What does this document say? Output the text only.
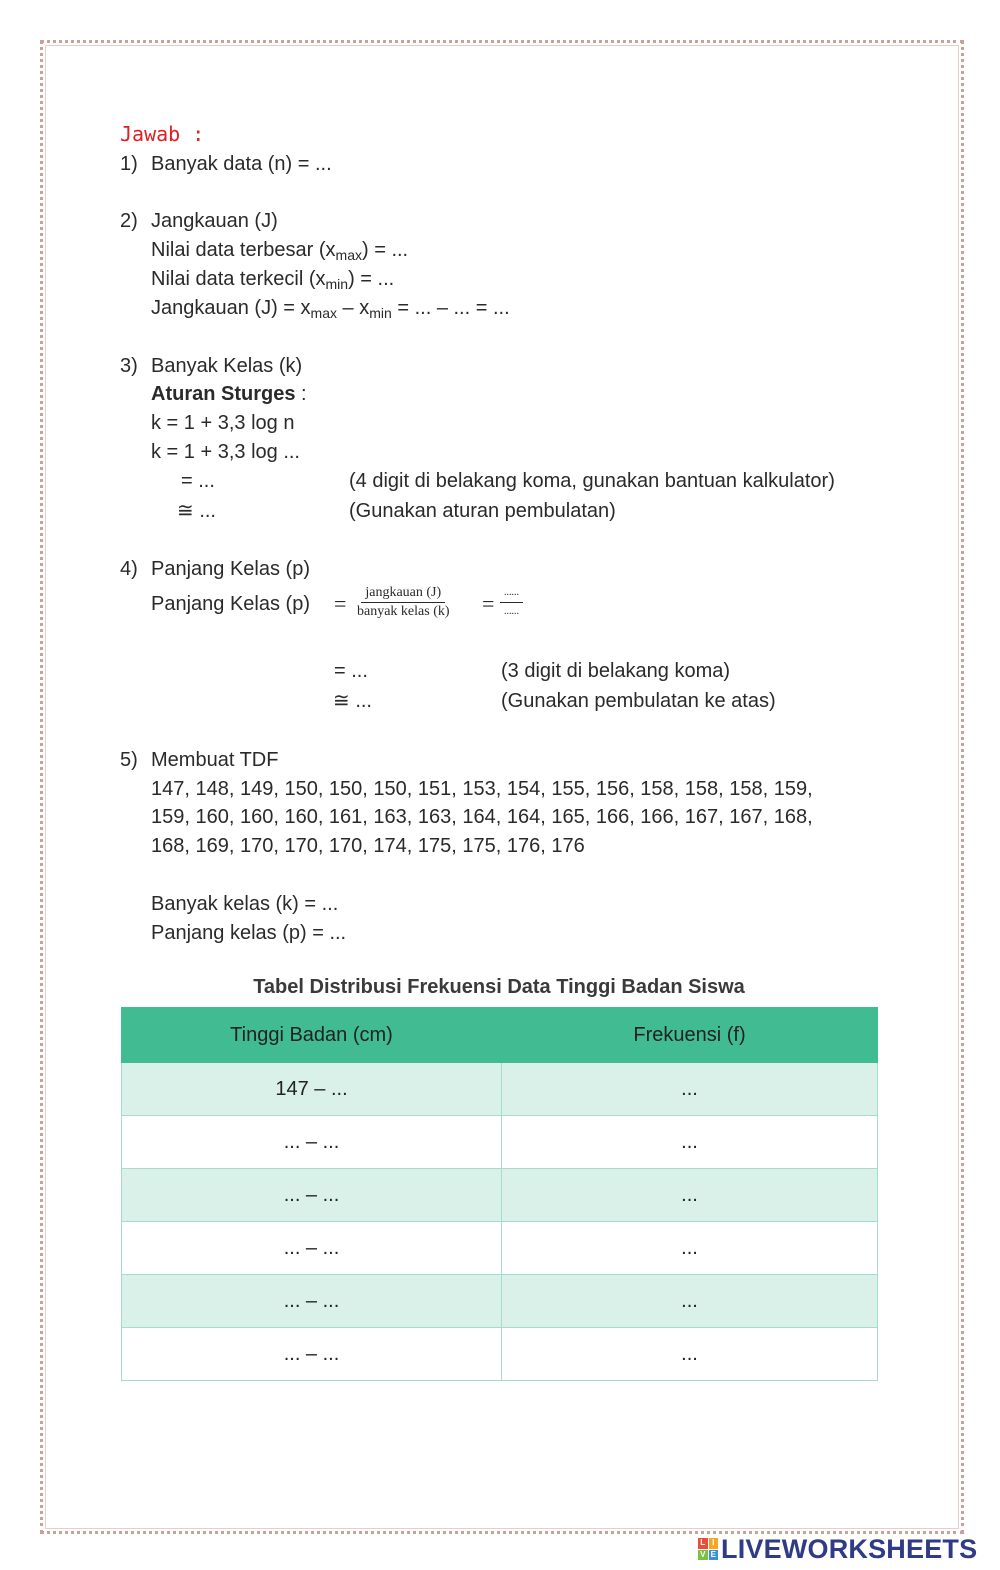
Jawab :
1) Banyak data (n) = ...
2) Jangkauan (J)
Nilai data terbesar $(x_{max})$ = ...
Nilai data terkecil $(x_{min})$ = ...
Jangkauan $(J) = x_{max} - x_{min}$ = ... – ... = ...
3) Banyak Kelas (k)
Aturan Sturges :
k = 1 + 3,3 log n
k = 1 + 3,3 log ...
= ...	(4 digit di belakang koma, gunakan bantuan kalkulator)
≅ ...	(Gunakan aturan pembulatan)
4) Panjang Kelas (p)
Panjang Kelas (p) = jangkauan (J)
banyak kelas (k) = ......
......
= ...	(3 digit di belakang koma)
≅ ...	(Gunakan pembulatan ke atas)
5) Membuat TDF
147, 148, 149, 150, 150, 150, 151, 153, 154, 155, 156, 158, 158, 158, 159,
159, 160, 160, 160, 161, 163, 163, 164, 164, 165, 166, 166, 167, 167, 168,
168, 169, 170, 170, 170, 174, 175, 175, 176, 176
Banyak kelas (k) = ...
Panjang kelas (p) = ...
Tabel Distribusi Frekuensi Data Tinggi Badan Siswa
Tinggi Badan (cm)	Frekuensi (f)
147 – ...	...
... – ...	...
... – ...	...
... – ...	...
... – ...	...
... – ...	...
L I
V E LIVEWORKSHEETS
